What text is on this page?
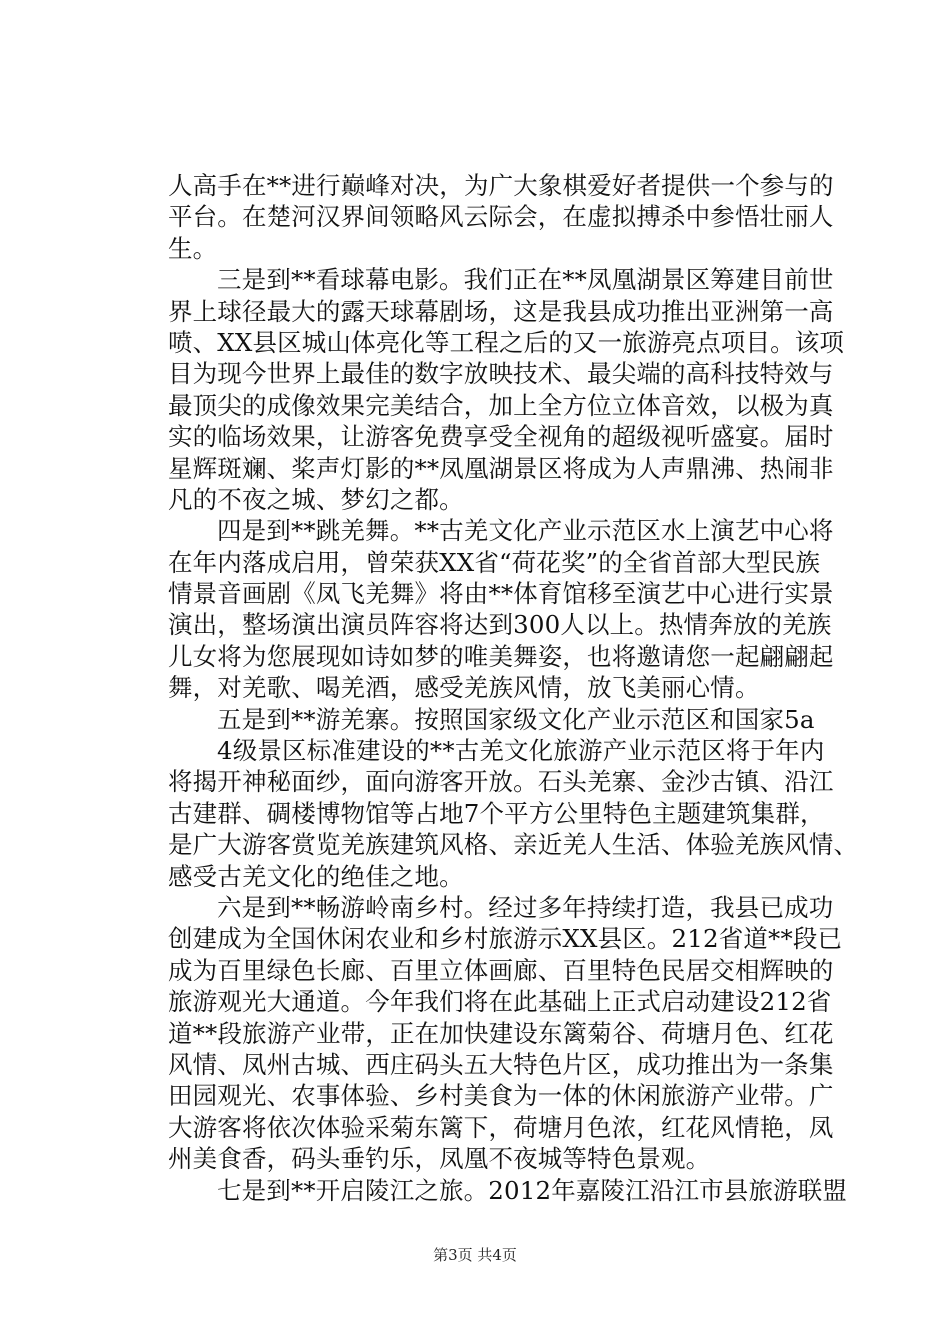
人高手在**进行巅峰对决，为广大象棋爱好者提供一个参与的
平台。在楚河汉界间领略风云际会，在虚拟搏杀中参悟壮丽人
生。
三是到**看球幕电影。我们正在**凤凰湖景区筹建目前世
界上球径最大的露天球幕剧场，这是我县成功推出亚洲第一高
喷、XX县区城山体亮化等工程之后的又一旅游亮点项目。该项
目为现今世界上最佳的数字放映技术、最尖端的高科技特效与
最顶尖的成像效果完美结合，加上全方位立体音效，以极为真
实的临场效果，让游客免费享受全视角的超级视听盛宴。届时
星辉斑斓、桨声灯影的**凤凰湖景区将成为人声鼎沸、热闹非
凡的不夜之城、梦幻之都。
四是到**跳羌舞。**古羌文化产业示范区水上演艺中心将
在年内落成启用，曾荣获XX省“荷花奖”的全省首部大型民族
情景音画剧《凤飞羌舞》将由**体育馆移至演艺中心进行实景
演出，整场演出演员阵容将达到300人以上。热情奔放的羌族
儿女将为您展现如诗如梦的唯美舞姿，也将邀请您一起翩翩起
舞，对羌歌、喝羌酒，感受羌族风情，放飞美丽心情。
五是到**游羌寨。按照国家级文化产业示范区和国家5a
4级景区标准建设的**古羌文化旅游产业示范区将于年内
将揭开神秘面纱，面向游客开放。石头羌寨、金沙古镇、沿江
古建群、碉楼博物馆等占地7个平方公里特色主题建筑集群，
是广大游客赏览羌族建筑风格、亲近羌人生活、体验羌族风情、
感受古羌文化的绝佳之地。
六是到**畅游岭南乡村。经过多年持续打造，我县已成功
创建成为全国休闲农业和乡村旅游示XX县区。212省道**段已
成为百里绿色长廊、百里立体画廊、百里特色民居交相辉映的
旅游观光大通道。今年我们将在此基础上正式启动建设212省
道**段旅游产业带，正在加快建设东篱菊谷、荷塘月色、红花
风情、凤州古城、西庄码头五大特色片区，成功推出为一条集
田园观光、农事体验、乡村美食为一体的休闲旅游产业带。广
大游客将依次体验采菊东篱下，荷塘月色浓，红花风情艳，凤
州美食香，码头垂钓乐，凤凰不夜城等特色景观。
七是到**开启陵江之旅。2012年嘉陵江沿江市县旅游联盟
第3页 共4页
